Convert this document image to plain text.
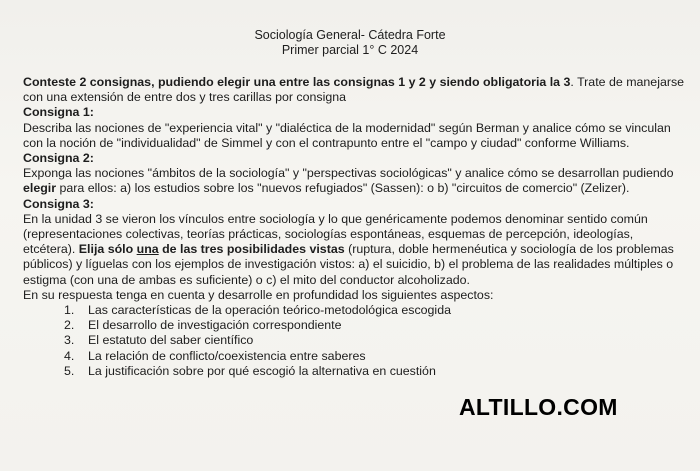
Sociología General- Cátedra Forte
Primer parcial 1° C 2024

Conteste 2 consignas, pudiendo elegir una entre las consignas 1 y 2 y siendo obligatoria la 3. Trate de manejarse con una extensión de entre dos y tres carillas por consigna

Consigna 1:

Describa las nociones de "experiencia vital" y "dialéctica de la modernidad" según Berman y analice cómo se vinculan con la noción de "individualidad" de Simmel y con el contrapunto entre el "campo y ciudad" conforme Williams.

Consigna 2:

Exponga las nociones "ámbitos de la sociología" y "perspectivas sociológicas" y analice cómo se desarrollan pudiendo elegir para ellos: a) los estudios sobre los "nuevos refugiados" (Sassen): o b) "circuitos de comercio" (Zelizer).

Consigna 3:

En la unidad 3 se vieron los vínculos entre sociología y lo que genéricamente podemos denominar sentido común (representaciones colectivas, teorías prácticas, sociologías espontáneas, esquemas de percepción, ideologías, etcétera). Elija sólo una de las tres posibilidades vistas (ruptura, doble hermenéutica y sociología de los problemas públicos) y líguelas con los ejemplos de investigación vistos: a) el suicidio, b) el problema de las realidades múltiples o estigma (con una de ambas es suficiente) o c) el mito del conductor alcoholizado.

En su respuesta tenga en cuenta y desarrolle en profundidad los siguientes aspectos:

1. Las características de la operación teórico-metodológica escogida
2. El desarrollo de investigación correspondiente
3. El estatuto del saber científico
4. La relación de conflicto/coexistencia entre saberes
5. La justificación sobre por qué escogió la alternativa en cuestión
ALTILLO.COM
